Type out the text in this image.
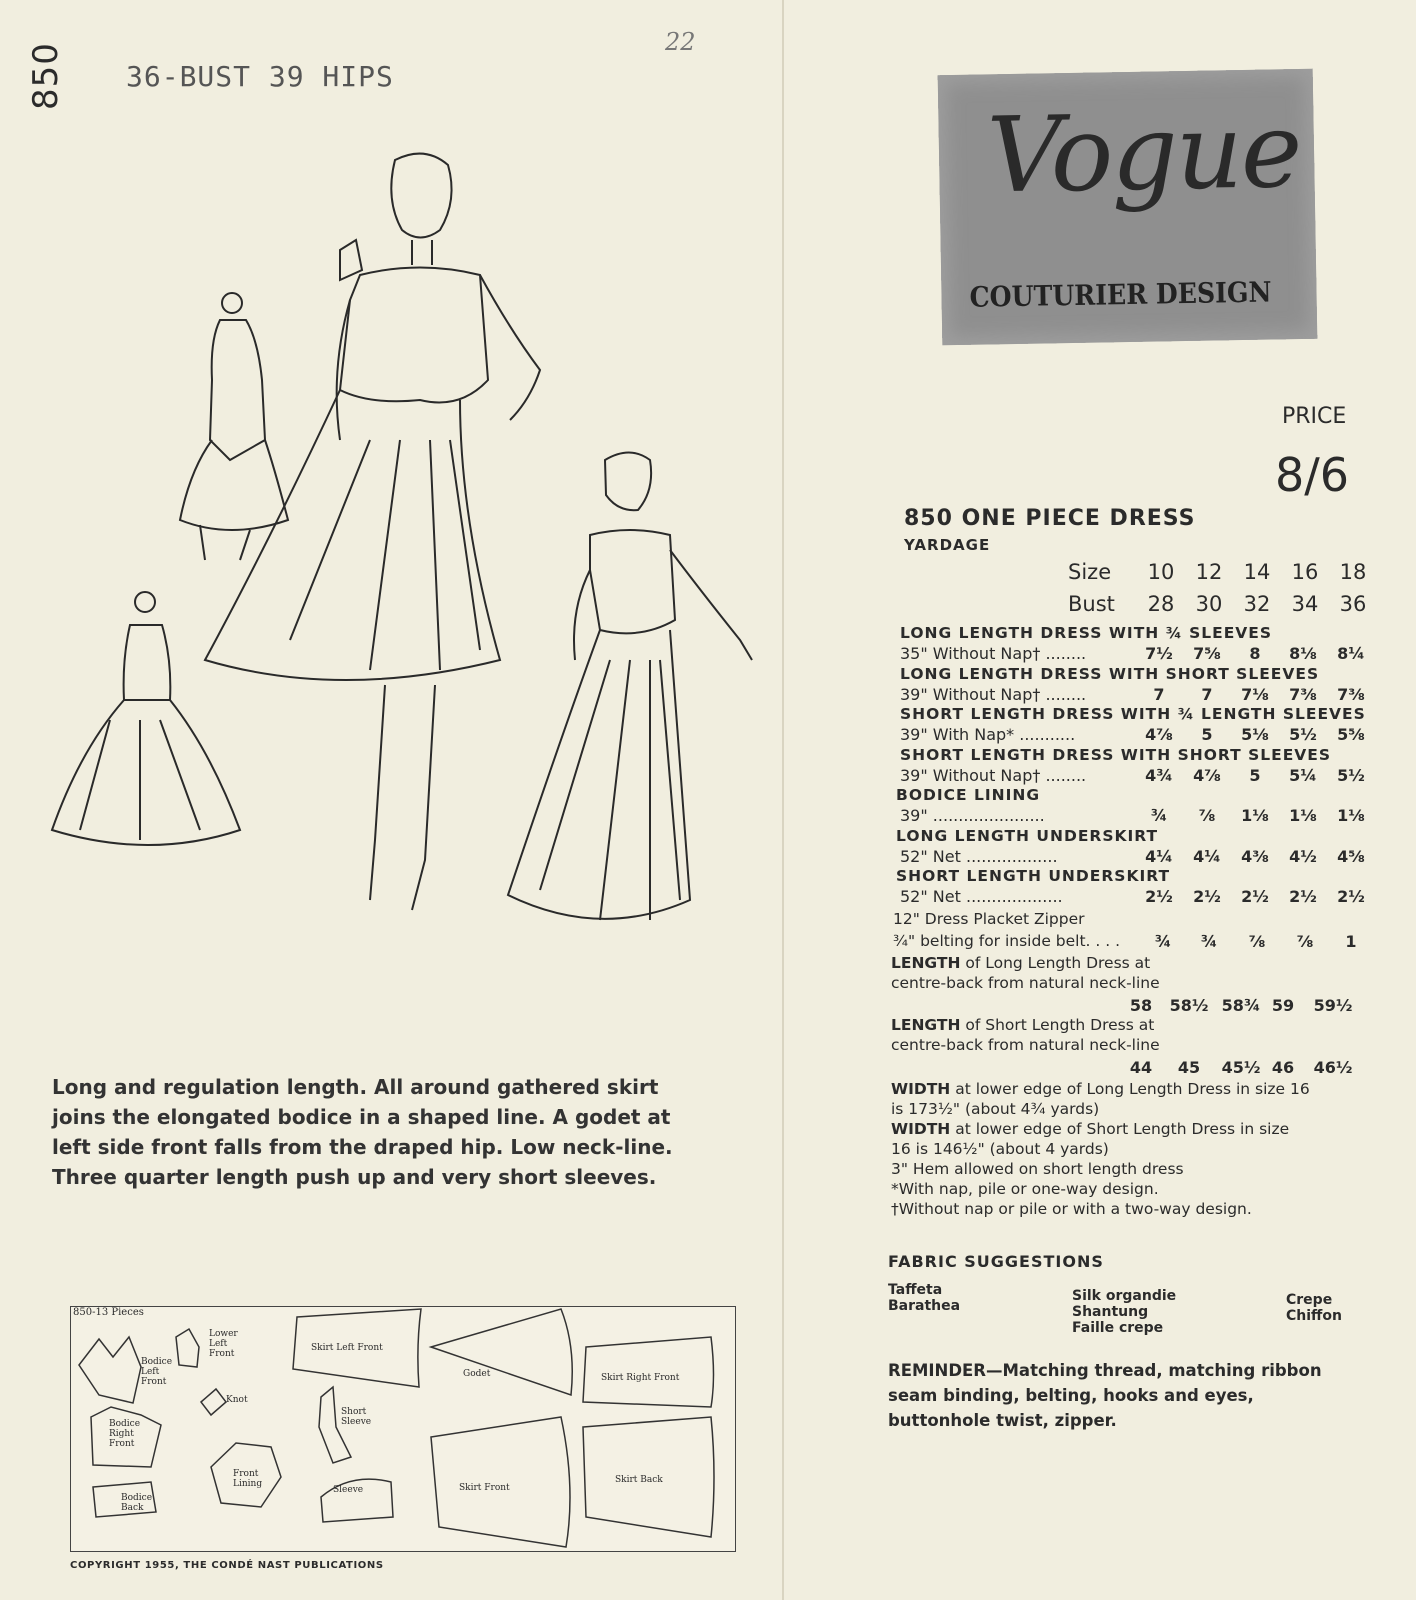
850 36-BUST 39 HIPS
22
Long and regulation length. All around gathered skirt joins the elongated bodice in a shaped line. A godet at left side front falls from the draped hip. Low neck-line. Three quarter length push up and very short sleeves.
850-13 Pieces
Bodice
Left
Front
Lower
Left
Front
Knot
Bodice
Right
Front
Front
Lining
Bodice
Back
Short
Sleeve
Sleeve
Skirt Left Front
Godet	Skirt Right Front
Skirt Front
Skirt Back
COPYRIGHT 1955, THE CONDÉ NAST PUBLICATIONS
Vogue
COUTURIER DESIGN
PRICE
8/6
850 ONE PIECE DRESS
YARDAGE
Size	10	12	14	16	18
Bust	28	30	32	34	36
LONG LENGTH DRESS WITH ¾ SLEEVES
35" Without Nap† ........	7½	7⅝	8	8⅛	8¼
LONG LENGTH DRESS WITH SHORT SLEEVES
39" Without Nap† ........	7	7	7⅛	7⅜	7⅜
SHORT LENGTH DRESS WITH ¾ LENGTH SLEEVES
39" With Nap* ...........	4⅞	5	5⅛	5½	5⅝
SHORT LENGTH DRESS WITH SHORT SLEEVES
39" Without Nap† ........	4¾	4⅞	5	5¼	5½
BODICE LINING
39" ......................	¾	⅞	1⅛	1⅛	1⅛
LONG LENGTH UNDERSKIRT
52" Net ..................	4¼	4¼	4⅜	4½	4⅝
SHORT LENGTH UNDERSKIRT
52" Net ...................	2½	2½	2½	2½	2½
12" Dress Placket Zipper
¾" belting for inside belt. . . .	¾	¾	⅞	⅞	1
LENGTH of Long Length Dress at
centre-back from natural neck-line
58	58½ 58¾ 59	59½
LENGTH of Short Length Dress at
centre-back from natural neck-line
44	45	45½ 46	46½
WIDTH at lower edge of Long Length Dress in size 16
is 173½" (about 4¾ yards)
WIDTH at lower edge of Short Length Dress in size
16 is 146½" (about 4 yards)
3" Hem allowed on short length dress
*With nap, pile or one-way design.
†Without nap or pile or with a two-way design.
FABRIC SUGGESTIONS
Taffeta
Barathea
Silk organdie
Shantung
Faille crepe
Crepe
Chiffon
REMINDER—Matching thread, matching ribbon seam binding, belting, hooks and eyes, buttonhole twist, zipper.
